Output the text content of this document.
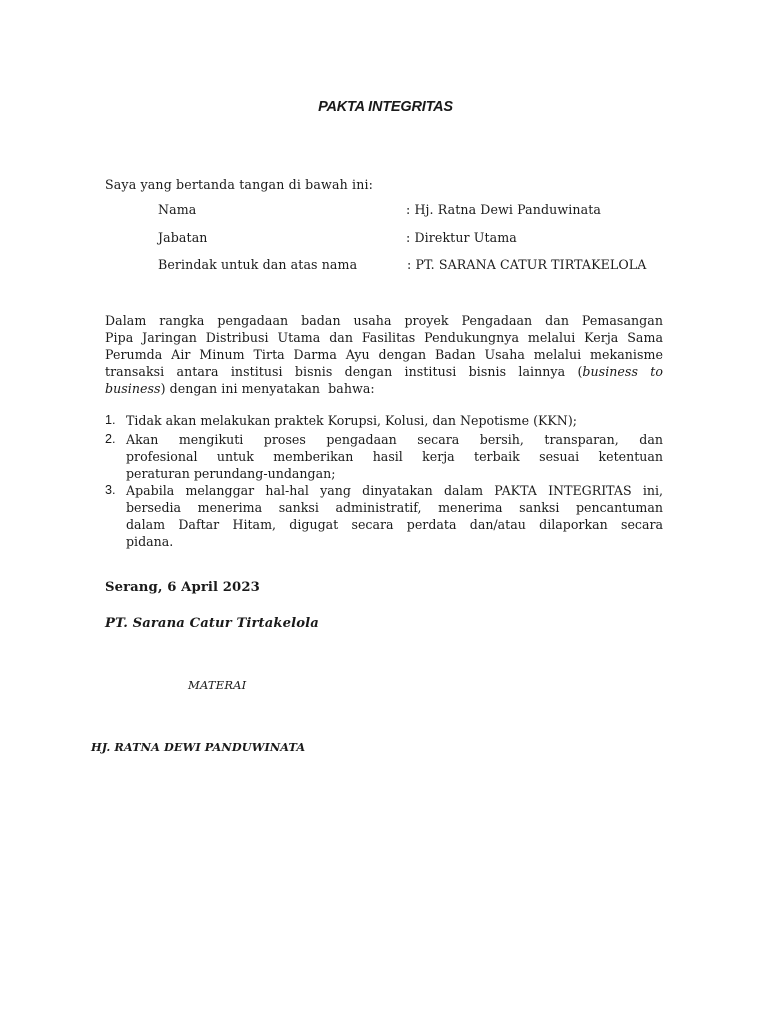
PAKTA INTEGRITAS
Saya yang bertanda tangan di bawah ini:
Nama	: Hj. Ratna Dewi Panduwinata
Jabatan	: Direktur Utama
Berindak untuk dan atas nama	: PT. SARANA CATUR TIRTAKELOLA
Dalam rangka pengadaan badan usaha proyek Pengadaan dan Pemasangan
Pipa Jaringan Distribusi Utama dan Fasilitas Pendukungnya melalui Kerja Sama
Perumda Air Minum Tirta Darma Ayu dengan Badan Usaha melalui mekanisme
transaksi antara institusi bisnis dengan institusi bisnis lainnya (business to
business) dengan ini menyatakan  bahwa:
1. Tidak akan melakukan praktek Korupsi, Kolusi, dan Nepotisme (KKN);
2. Akan mengikuti proses pengadaan secara bersih, transparan, dan
profesional untuk memberikan hasil kerja terbaik sesuai ketentuan
peraturan perundang-undangan;
3. Apabila melanggar hal-hal yang dinyatakan dalam PAKTA INTEGRITAS ini,
bersedia menerima sanksi administratif, menerima sanksi pencantuman
dalam Daftar Hitam, digugat secara perdata dan/atau dilaporkan secara
pidana.
Serang, 6 April 2023
PT. Sarana Catur Tirtakelola
MATERAI
HJ. RATNA DEWI PANDUWINATA
